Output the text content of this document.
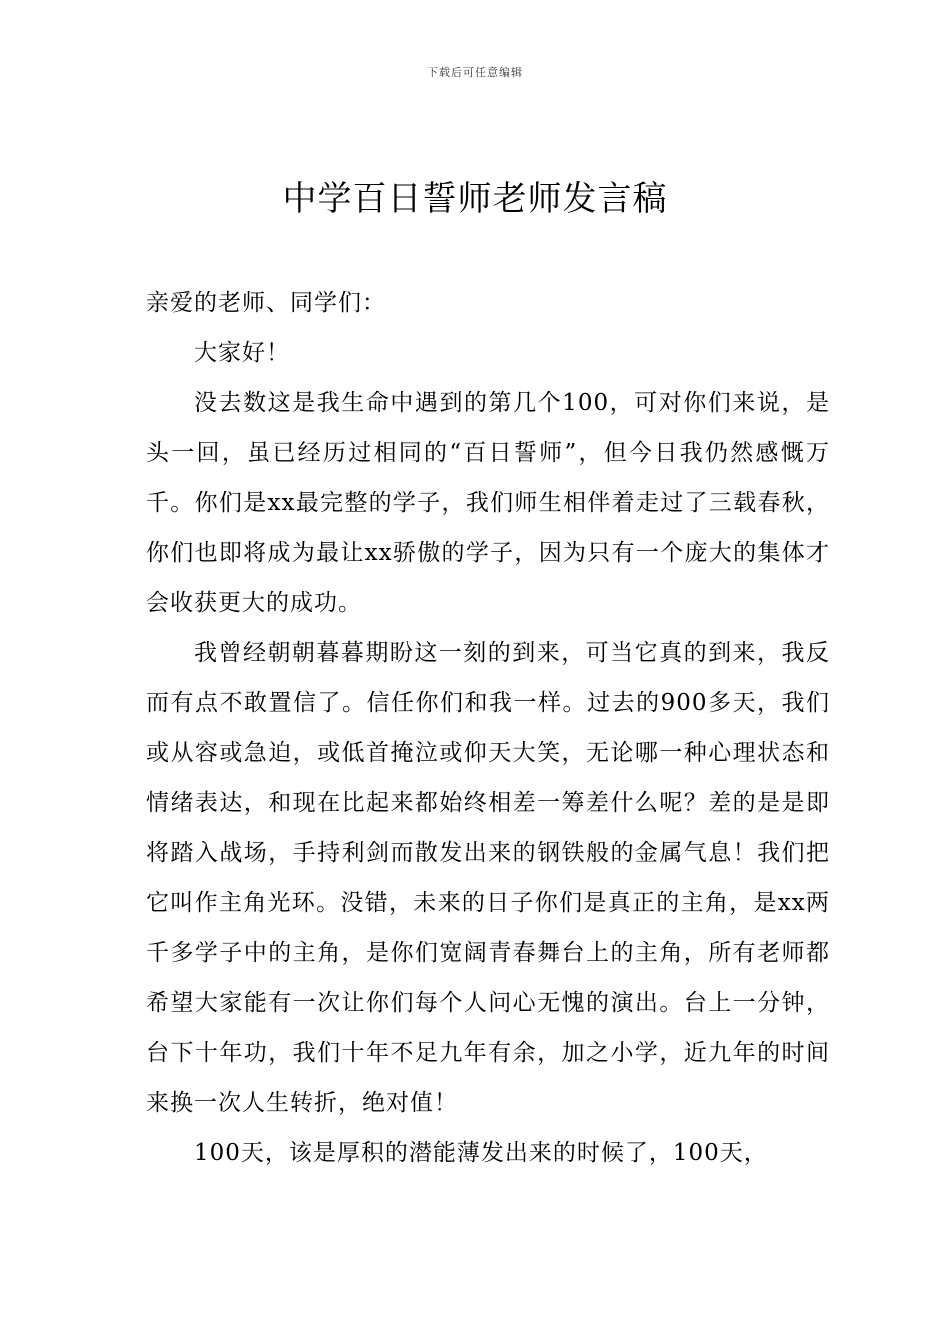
下载后可任意编辑
中学百日誓师老师发言稿

亲爱的老师、同学们：

大家好！

没去数这是我生命中遇到的第几个100，可对你们来说，是头一回，虽已经历过相同的“百日誓师”，但今日我仍然感慨万千。你们是xx最完整的学子，我们师生相伴着走过了三载春秋，你们也即将成为最让xx骄傲的学子，因为只有一个庞大的集体才会收获更大的成功。

我曾经朝朝暮暮期盼这一刻的到来，可当它真的到来，我反而有点不敢置信了。信任你们和我一样。过去的900多天，我们或从容或急迫，或低首掩泣或仰天大笑，无论哪一种心理状态和情绪表达，和现在比起来都始终相差一筹差什么呢？差的是是即将踏入战场，手持利剑而散发出来的钢铁般的金属气息！我们把它叫作主角光环。没错，未来的日子你们是真正的主角，是xx两千多学子中的主角，是你们宽阔青春舞台上的主角，所有老师都希望大家能有一次让你们每个人问心无愧的演出。台上一分钟，台下十年功，我们十年不足九年有余，加之小学，近九年的时间来换一次人生转折，绝对值！

100天，该是厚积的潜能薄发出来的时候了，100天，
